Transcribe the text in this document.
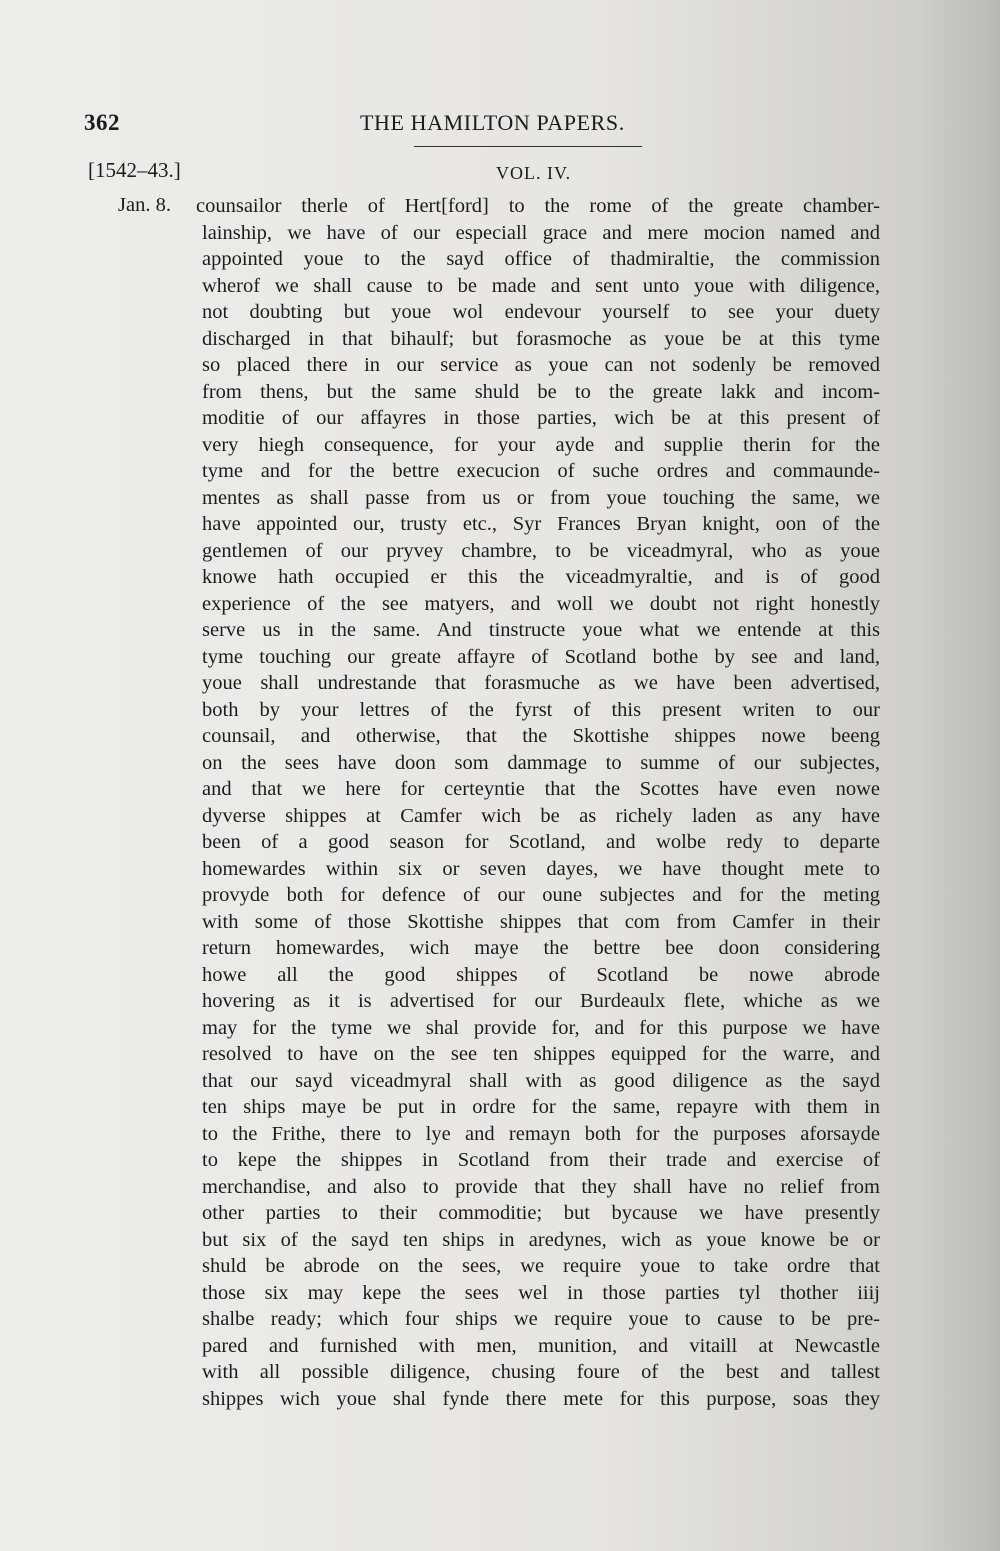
362	THE HAMILTON PAPERS.
[1542–43.]	VOL. IV.
Jan. 8. counsailor therle of Hert[ford] to the rome of the greate chamber-
lainship, we have of our especiall grace and mere mocion named and
appointed youe to the sayd office of thadmiraltie, the commission
wherof we shall cause to be made and sent unto youe with diligence,
not doubting but youe wol endevour yourself to see your duety
discharged in that bihaulf; but forasmoche as youe be at this tyme
so placed there in our service as youe can not sodenly be removed
from thens, but the same shuld be to the greate lakk and incom-
moditie of our affayres in those parties, wich be at this present of
very hiegh consequence, for your ayde and supplie therin for the
tyme and for the bettre execucion of suche ordres and commaunde-
mentes as shall passe from us or from youe touching the same, we
have appointed our, trusty etc., Syr Frances Bryan knight, oon of the
gentlemen of our pryvey chambre, to be viceadmyral, who as youe
knowe hath occupied er this the viceadmyraltie, and is of good
experience of the see matyers, and woll we doubt not right honestly
serve us in the same. And tinstructe youe what we entende at this
tyme touching our greate affayre of Scotland bothe by see and land,
youe shall undrestande that forasmuche as we have been advertised,
both by your lettres of the fyrst of this present writen to our
counsail, and otherwise, that the Skottishe shippes nowe beeng
on the sees have doon som dammage to summe of our subjectes,
and that we here for certeyntie that the Scottes have even nowe
dyverse shippes at Camfer wich be as richely laden as any have
been of a good season for Scotland, and wolbe redy to departe
homewardes within six or seven dayes, we have thought mete to
provyde both for defence of our oune subjectes and for the meting
with some of those Skottishe shippes that com from Camfer in their
return homewardes, wich maye the bettre bee doon considering
howe all the good shippes of Scotland be nowe abrode
hovering as it is advertised for our Burdeaulx flete, whiche as we
may for the tyme we shal provide for, and for this purpose we have
resolved to have on the see ten shippes equipped for the warre, and
that our sayd viceadmyral shall with as good diligence as the sayd
ten ships maye be put in ordre for the same, repayre with them in
to the Frithe, there to lye and remayn both for the purposes aforsayde
to kepe the shippes in Scotland from their trade and exercise of
merchandise, and also to provide that they shall have no relief from
other parties to their commoditie; but bycause we have presently
but six of the sayd ten ships in aredynes, wich as youe knowe be or
shuld be abrode on the sees, we require youe to take ordre that
those six may kepe the sees wel in those parties tyl thother iiij
shalbe ready; which four ships we require youe to cause to be pre-
pared and furnished with men, munition, and vitaill at Newcastle
with all possible diligence, chusing foure of the best and tallest
shippes wich youe shal fynde there mete for this purpose, soas they
